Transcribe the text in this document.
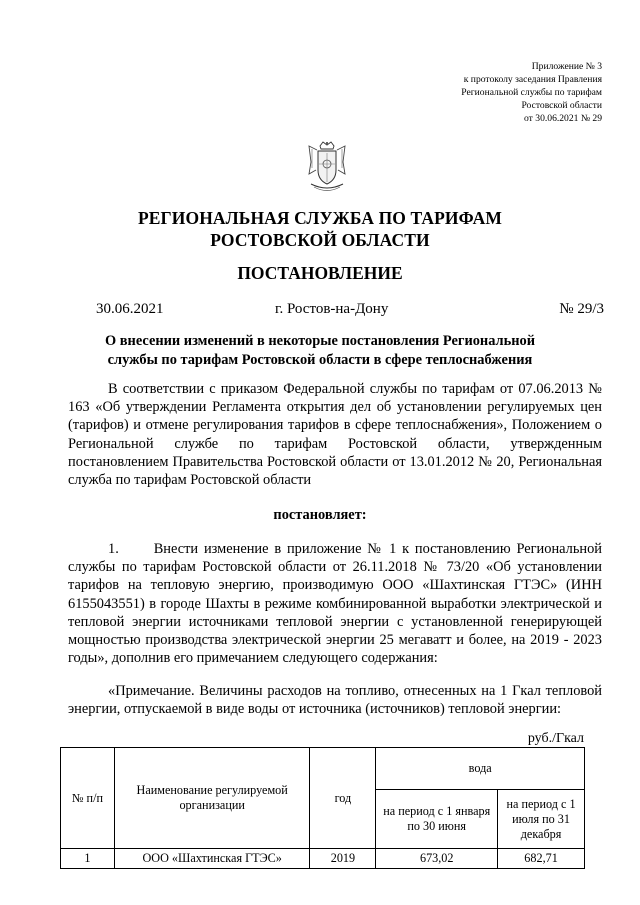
Приложение № 3
к протоколу заседания Правления
Региональной службы по тарифам
Ростовской области
от 30.06.2021 № 29
РЕГИОНАЛЬНАЯ СЛУЖБА ПО ТАРИФАМ
РОСТОВСКОЙ ОБЛАСТИ
ПОСТАНОВЛЕНИЕ
30.06.2021	г. Ростов-на-Дону	№ 29/3
О внесении изменений в некоторые постановления Региональной службы по тарифам Ростовской области в сфере теплоснабжения
В соответствии с приказом Федеральной службы по тарифам от 07.06.2013 № 163 «Об утверждении Регламента открытия дел об установлении регулируемых цен (тарифов) и отмене регулирования тарифов в сфере теплоснабжения», Положением о Региональной службе по тарифам Ростовской области, утвержденным постановлением Правительства Ростовской области от 13.01.2012 № 20, Региональная служба по тарифам Ростовской области
постановляет:
1.      Внести изменение в приложение № 1 к постановлению Региональной службы по тарифам Ростовской области от 26.11.2018 № 73/20 «Об установлении тарифов на тепловую энергию, производимую ООО «Шахтинская ГТЭС» (ИНН 6155043551) в городе Шахты в режиме комбинированной выработки электрической и тепловой энергии источниками тепловой энергии с установленной генерирующей мощностью производства электрической энергии 25 мегаватт и более, на 2019 - 2023 годы», дополнив его примечанием следующего содержания:
«Примечание. Величины расходов на топливо, отнесенных на 1 Гкал тепловой энергии, отпускаемой в виде воды от источника (источников) тепловой энергии:
руб./Гкал
№ п/п	Наименование регулируемой организации	год	вода	
			на период с 1 января по 30 июня	на период с 1 июля по 31 декабря
1	ООО «Шахтинская ГТЭС»	2019	673,02	682,71
